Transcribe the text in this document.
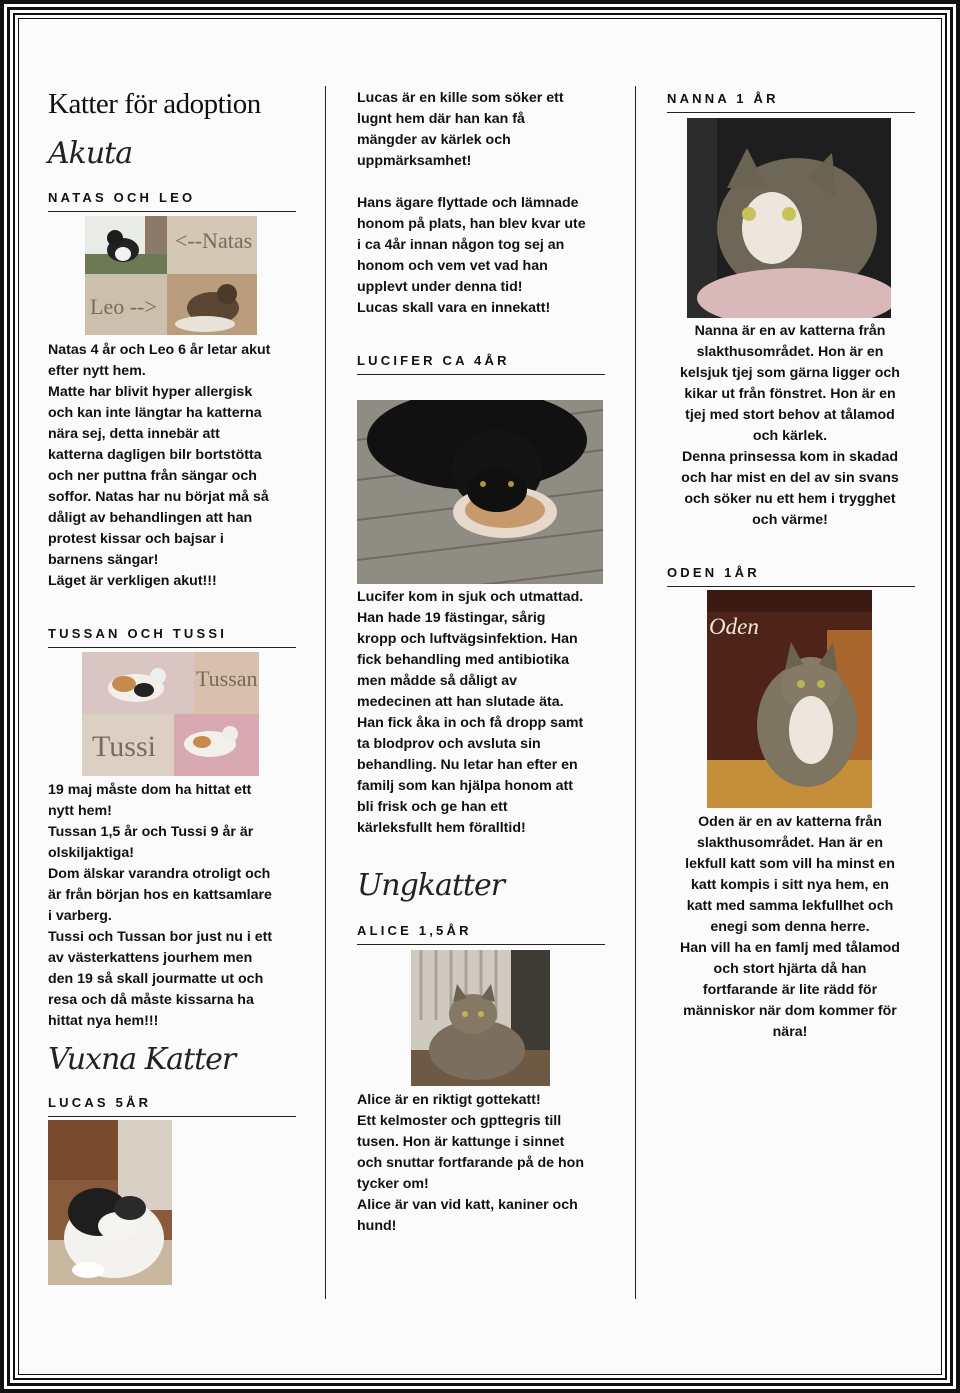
Katter för adoption
Akuta
NATAS OCH LEO
<--Natas
Leo -->
Natas 4 år och Leo 6 år letar akut
efter nytt hem.
Matte har blivit hyper allergisk
och kan inte längtar ha katterna
nära sej, detta innebär att
katterna dagligen bilr bortstötta
och ner puttna från sängar och
soffor. Natas har nu börjat må så
dåligt av behandlingen att han
protest kissar och bajsar i
barnens sängar!
Läget är verkligen akut!!!
TUSSAN OCH TUSSI
Tussan
Tussi
19 maj måste dom ha hittat ett
nytt hem!
Tussan 1,5 år och Tussi 9 år är
olskiljaktiga!
Dom älskar varandra otroligt och
är från början hos en kattsamlare
i varberg.
Tussi och Tussan bor just nu i ett
av västerkattens jourhem men
den 19 så skall jourmatte ut och
resa och då måste kissarna ha
hittat nya hem!!!
Vuxna Katter
LUCAS 5ÅR
Lucas är en kille som söker ett
lugnt hem där han kan få
mängder av kärlek och
uppmärksamhet!

Hans ägare flyttade och lämnade
honom på plats, han blev kvar ute
i ca 4år innan någon tog sej an
honom och vem vet vad han
upplevt under denna tid!
Lucas skall vara en innekatt!
LUCIFER CA 4ÅR
Lucifer kom in sjuk och utmattad.
Han hade 19 fästingar, sårig
kropp och luftvägsinfektion. Han
fick behandling med antibiotika
men mådde så dåligt av
medecinen att han slutade äta.
Han fick åka in och få dropp samt
ta blodprov och avsluta sin
behandling. Nu letar han efter en
familj som kan hjälpa honom att
bli frisk och ge han ett
kärleksfullt hem föralltid!
Ungkatter
ALICE 1,5ÅR
Alice är en riktigt gottekatt!
Ett kelmoster och gpttegris till
tusen. Hon är kattunge i sinnet
och snuttar fortfarande på de hon
tycker om!
Alice är van vid katt, kaniner och
hund!
NANNA 1 ÅR
Nanna är en av katterna från
slakthusområdet. Hon är en
kelsjuk tjej som gärna ligger och
kikar ut från fönstret. Hon är en
tjej med stort behov at tålamod
och kärlek.
Denna prinsessa kom in skadad
och har mist en del av sin svans
och söker nu ett hem i trygghet
och värme!
ODEN 1ÅR
Oden
Oden är en av katterna från
slakthusområdet. Han är en
lekfull katt som vill ha minst en
katt kompis i sitt nya hem, en
katt med samma lekfullhet och
enegi som denna herre.
Han vill ha en famlj med tålamod
och stort hjärta då han
fortfarande är lite rädd för
människor när dom kommer för
nära!
